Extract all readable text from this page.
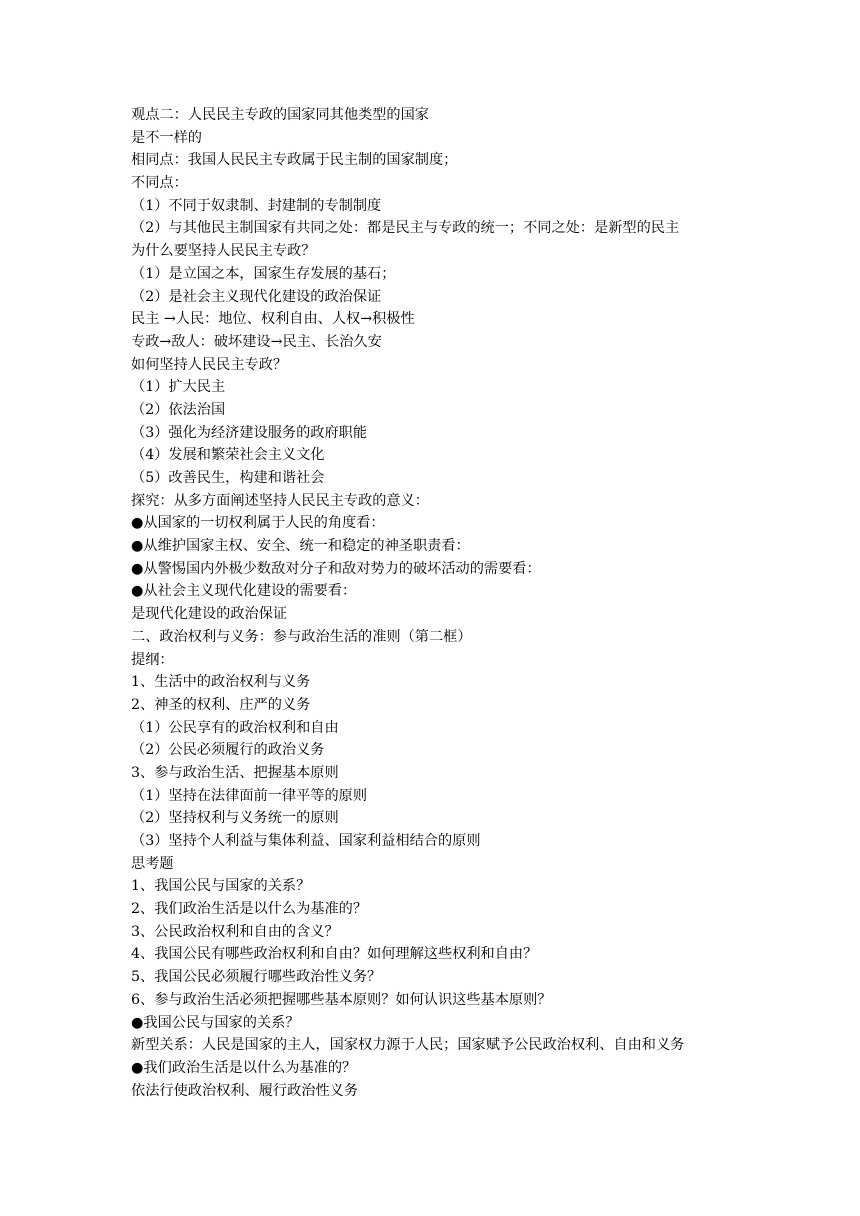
观点二：人民民主专政的国家同其他类型的国家
是不一样的
相同点：我国人民民主专政属于民主制的国家制度；
不同点：
（1）不同于奴隶制、封建制的专制制度
（2）与其他民主制国家有共同之处：都是民主与专政的统一；不同之处：是新型的民主
为什么要坚持人民民主专政？
（1）是立国之本，国家生存发展的基石；
（2）是社会主义现代化建设的政治保证
民主 →人民：地位、权利自由、人权→积极性
专政→敌人：破坏建设→民主、长治久安
如何坚持人民民主专政？
（1）扩大民主
（2）依法治国
（3）强化为经济建设服务的政府职能
（4）发展和繁荣社会主义文化
（5）改善民生，构建和谐社会
探究：从多方面阐述坚持人民民主专政的意义：
●从国家的一切权利属于人民的角度看：
●从维护国家主权、安全、统一和稳定的神圣职责看：
●从警惕国内外极少数敌对分子和敌对势力的破坏活动的需要看：
●从社会主义现代化建设的需要看：
是现代化建设的政治保证
二、政治权利与义务：参与政治生活的准则（第二框）
提纲：
1、生活中的政治权利与义务
2、神圣的权利、庄严的义务
（1）公民享有的政治权利和自由
（2）公民必须履行的政治义务
3、参与政治生活、把握基本原则
（1）坚持在法律面前一律平等的原则
（2）坚持权利与义务统一的原则
（3）坚持个人利益与集体利益、国家利益相结合的原则
思考题
1、我国公民与国家的关系？
2、我们政治生活是以什么为基准的？
3、公民政治权利和自由的含义？
4、我国公民有哪些政治权利和自由？如何理解这些权利和自由？
5、我国公民必须履行哪些政治性义务？
6、参与政治生活必须把握哪些基本原则？如何认识这些基本原则？
●我国公民与国家的关系？
新型关系：人民是国家的主人，国家权力源于人民；国家赋予公民政治权利、自由和义务
●我们政治生活是以什么为基准的？
依法行使政治权利、履行政治性义务
